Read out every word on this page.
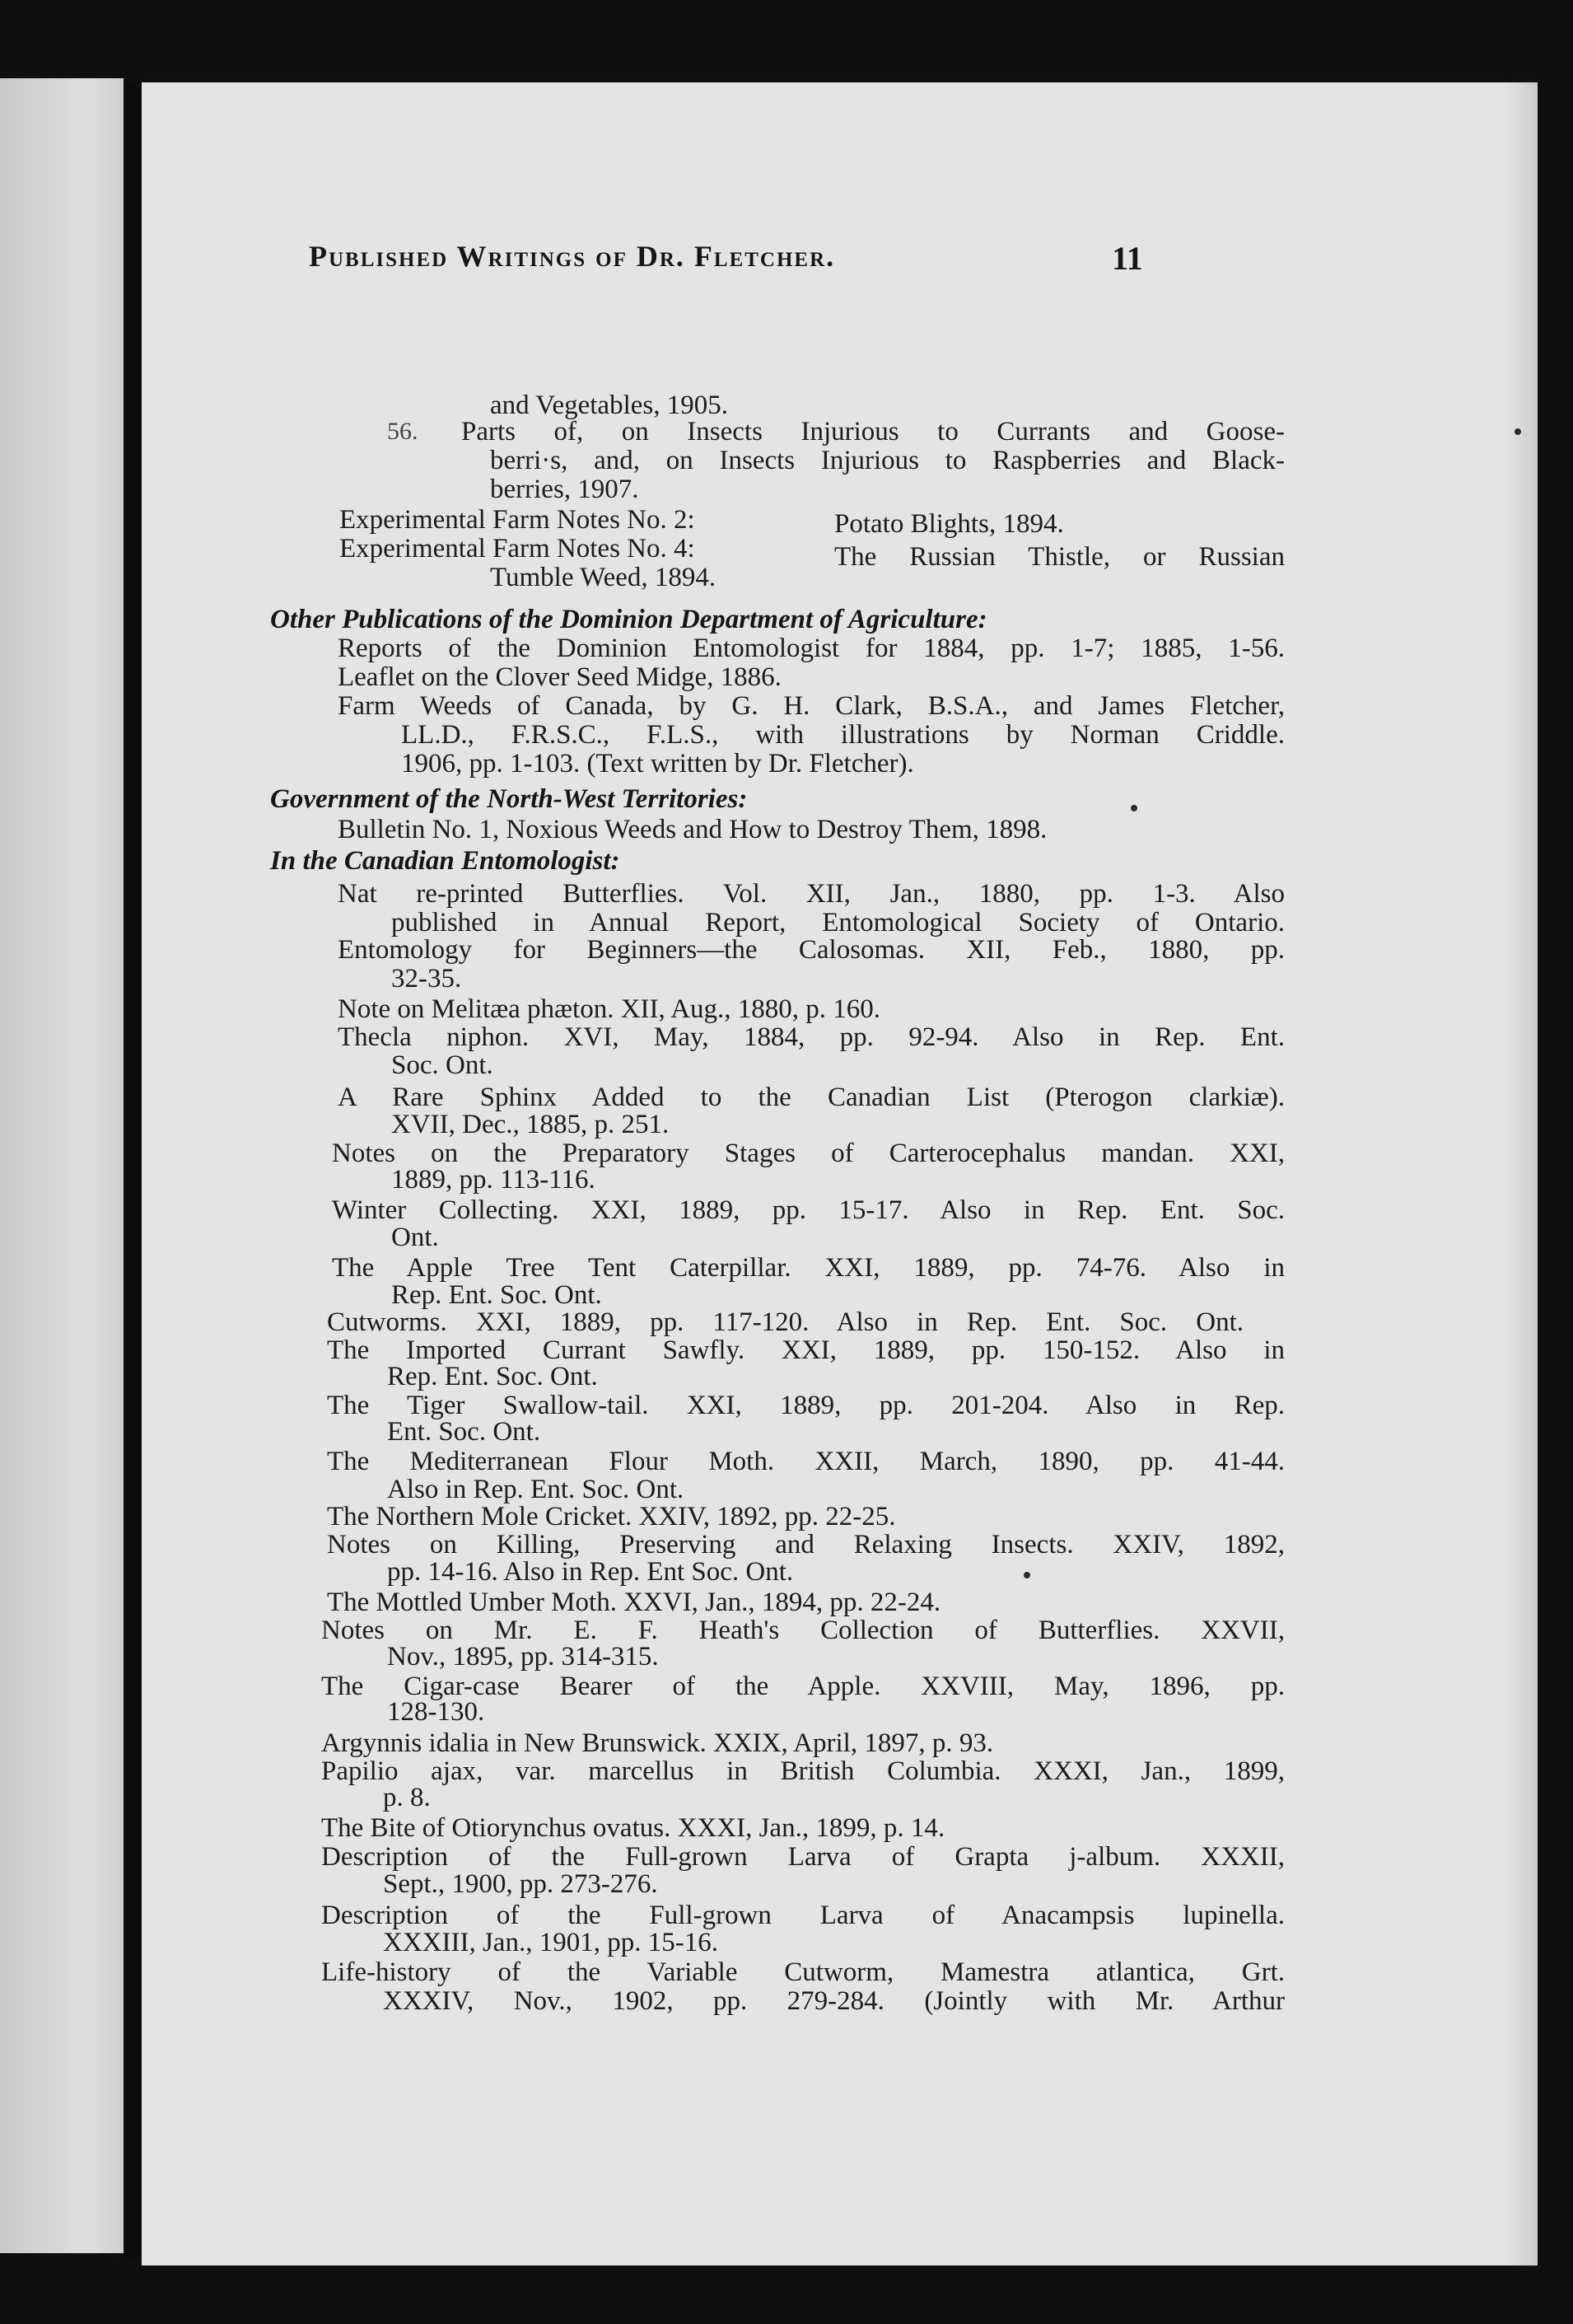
Published Writings of Dr. Fletcher.	11
and Vegetables, 1905.
56. Parts of, on Insects Injurious to Currants and Goose-
berri·s, and, on Insects Injurious to Raspberries and Black-
berries, 1907.
Experimental Farm Notes No. 2:	Potato Blights, 1894.
Experimental Farm Notes No. 4:	The Russian Thistle, or Russian
Tumble Weed, 1894.
Other Publications of the Dominion Department of Agriculture:
Reports of the Dominion Entomologist for 1884, pp. 1-7; 1885, 1-56.
Leaflet on the Clover Seed Midge, 1886.
Farm Weeds of Canada, by G. H. Clark, B.S.A., and James Fletcher,
LL.D., F.R.S.C., F.L.S., with illustrations by Norman Criddle.
1906, pp. 1-103. (Text written by Dr. Fletcher).
Government of the North-West Territories:
Bulletin No. 1, Noxious Weeds and How to Destroy Them, 1898.
In the Canadian Entomologist:
Nat re-printed Butterflies. Vol. XII, Jan., 1880, pp. 1-3. Also
published in Annual Report, Entomological Society of Ontario.
Entomology for Beginners—the Calosomas. XII, Feb., 1880, pp.
32-35.
Note on Melitæa phæton. XII, Aug., 1880, p. 160.
Thecla niphon. XVI, May, 1884, pp. 92-94. Also in Rep. Ent.
Soc. Ont.
A Rare Sphinx Added to the Canadian List (Pterogon clarkiæ).
XVII, Dec., 1885, p. 251.
Notes on the Preparatory Stages of Carterocephalus mandan. XXI,
1889, pp. 113-116.
Winter Collecting. XXI, 1889, pp. 15-17. Also in Rep. Ent. Soc.
Ont.
The Apple Tree Tent Caterpillar. XXI, 1889, pp. 74-76. Also in
Rep. Ent. Soc. Ont.
Cutworms. XXI, 1889, pp. 117-120. Also in Rep. Ent. Soc. Ont.
The Imported Currant Sawfly. XXI, 1889, pp. 150-152. Also in
Rep. Ent. Soc. Ont.
The Tiger Swallow-tail. XXI, 1889, pp. 201-204. Also in Rep.
Ent. Soc. Ont.
The Mediterranean Flour Moth. XXII, March, 1890, pp. 41-44.
Also in Rep. Ent. Soc. Ont.
The Northern Mole Cricket. XXIV, 1892, pp. 22-25.
Notes on Killing, Preserving and Relaxing Insects. XXIV, 1892,
pp. 14-16. Also in Rep. Ent Soc. Ont.
The Mottled Umber Moth. XXVI, Jan., 1894, pp. 22-24.
Notes on Mr. E. F. Heath's Collection of Butterflies. XXVII,
Nov., 1895, pp. 314-315.
The Cigar-case Bearer of the Apple. XXVIII, May, 1896, pp.
128-130.
Argynnis idalia in New Brunswick. XXIX, April, 1897, p. 93.
Papilio ajax, var. marcellus in British Columbia. XXXI, Jan., 1899,
p. 8.
The Bite of Otiorynchus ovatus. XXXI, Jan., 1899, p. 14.
Description of the Full-grown Larva of Grapta j-album. XXXII,
Sept., 1900, pp. 273-276.
Description of the Full-grown Larva of Anacampsis lupinella.
XXXIII, Jan., 1901, pp. 15-16.
Life-history of the Variable Cutworm, Mamestra atlantica, Grt.
XXXIV, Nov., 1902, pp. 279-284. (Jointly with Mr. Arthur
